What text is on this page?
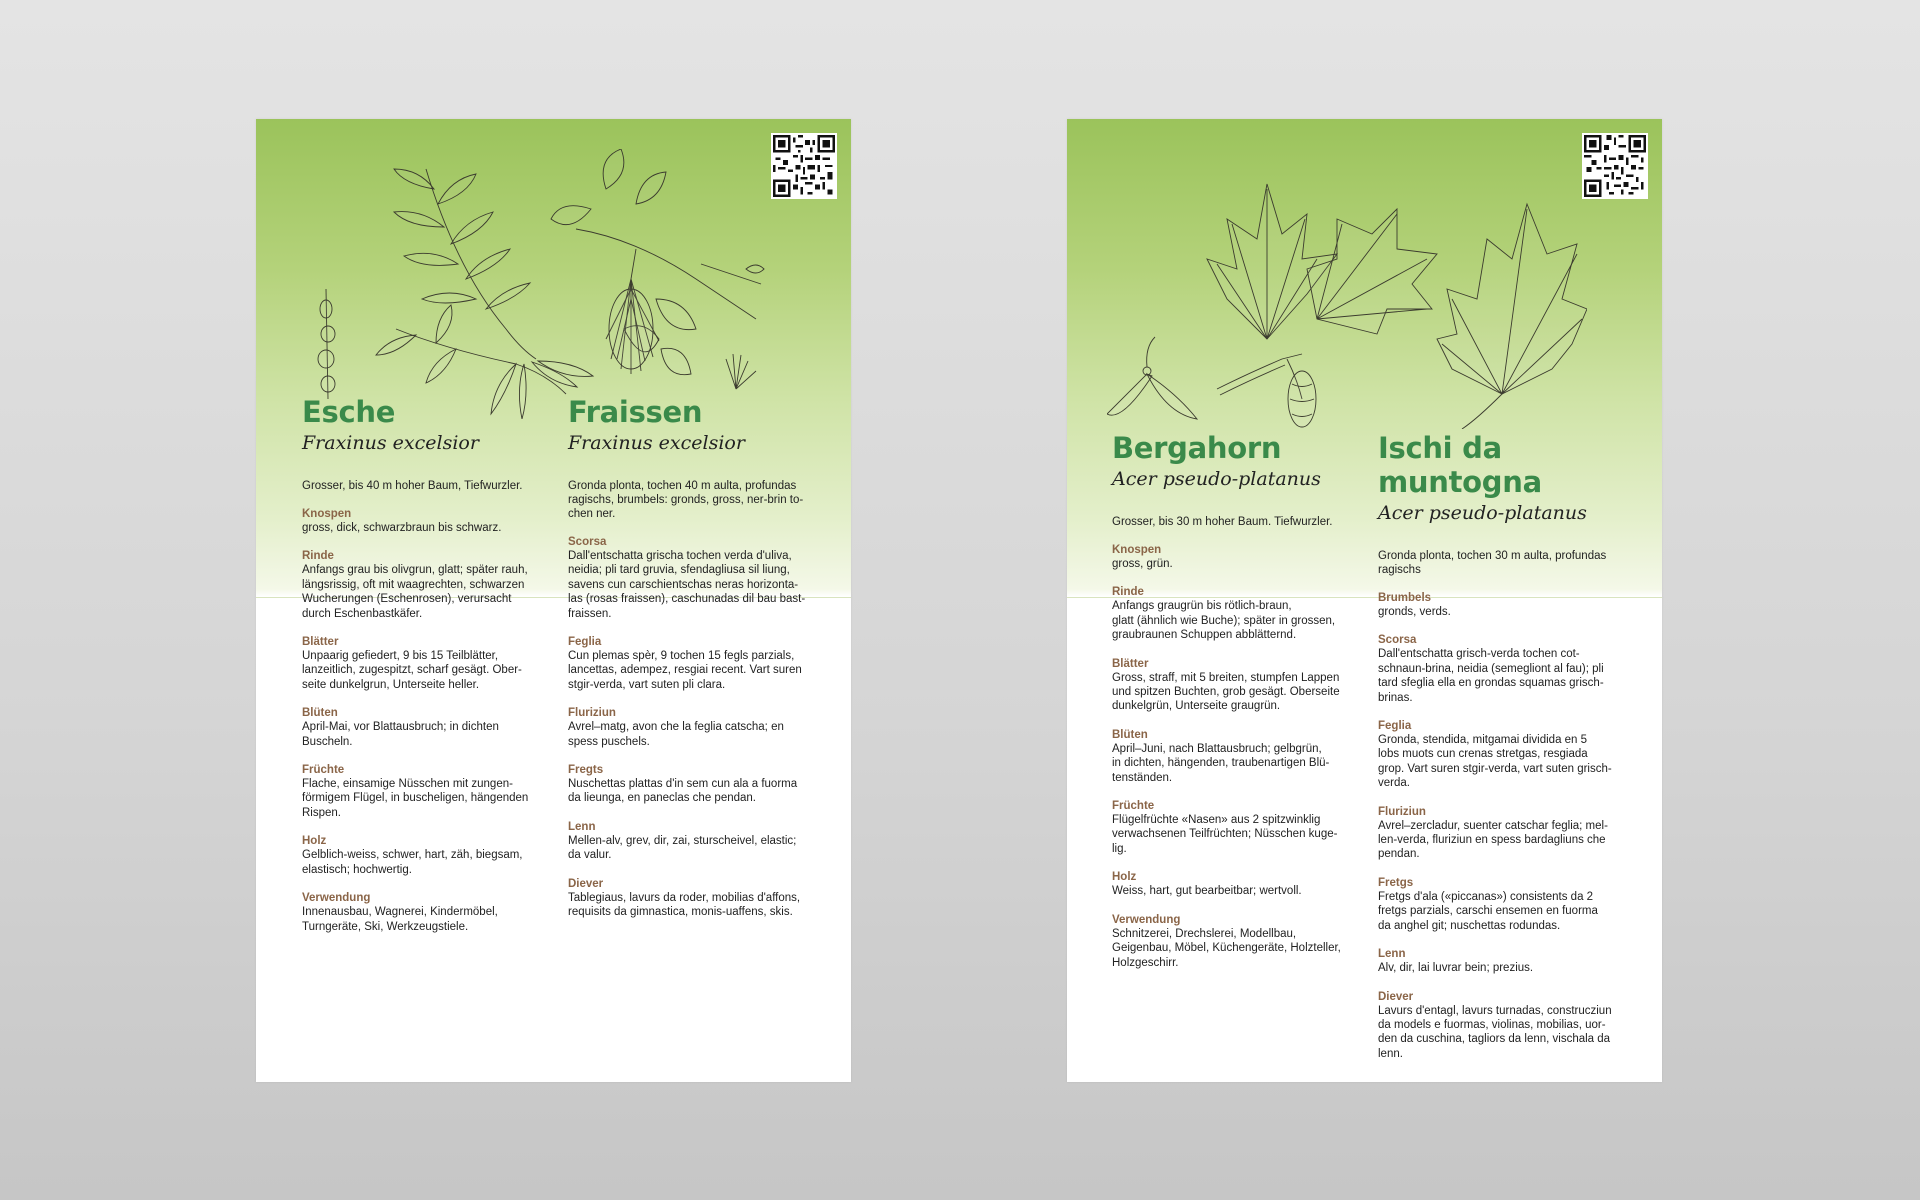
Esche
Fraxinus excelsior
Grosser, bis 40 m hoher Baum, Tiefwurzler.
Knospen
gross, dick, schwarzbraun bis schwarz.
Rinde
Anfangs grau bis olivgrun, glatt; später rauh,
längsrissig, oft mit waagrechten, schwarzen
Wucherungen (Eschenrosen), verursacht
durch Eschenbastkäfer.
Blätter
Unpaarig gefiedert, 9 bis 15 Teilblätter,
lanzeitlich, zugespitzt, scharf gesägt. Ober-
seite dunkelgrun, Unterseite heller.
Blüten
April-Mai, vor Blattausbruch; in dichten
Buscheln.
Früchte
Flache, einsamige Nüsschen mit zungen-
förmigem Flügel, in buscheligen, hängenden
Rispen.
Holz
Gelblich-weiss, schwer, hart, zäh, biegsam,
elastisch; hochwertig.
Verwendung
Innenausbau, Wagnerei, Kindermöbel,
Turngeräte, Ski, Werkzeugstiele.
Fraissen
Fraxinus excelsior
Gronda plonta, tochen 40 m aulta, profundas
ragischs, brumbels: gronds, gross, ner-brin to-
chen ner.
Scorsa
Dall'entschatta grischa tochen verda d'uliva,
neidia; pli tard gruvia, sfendagliusa sil liung,
savens cun carschientschas neras horizonta-
las (rosas fraissen), caschunadas dil bau bast-
fraissen.
Feglia
Cun plemas spèr, 9 tochen 15 fegls parzials,
lancettas, adempez, resgiai recent. Vart suren
stgir-verda, vart suten pli clara.
Fluriziun
Avrel–matg, avon che la feglia catscha; en
spess puschels.
Fregts
Nuschettas plattas d'in sem cun ala a fuorma
da lieunga, en paneclas che pendan.
Lenn
Mellen-alv, grev, dir, zai, sturscheivel, elastic;
da valur.
Diever
Tablegiaus, lavurs da roder, mobilias d'affons,
requisits da gimnastica, monis-uaffens, skis.
Bergahorn
Acer pseudo-platanus
Grosser, bis 30 m hoher Baum. Tiefwurzler.
Knospen
gross, grün.
Rinde
Anfangs graugrün bis rötlich-braun,
glatt (ähnlich wie Buche); später in grossen,
graubraunen Schuppen abblätternd.
Blätter
Gross, straff, mit 5 breiten, stumpfen Lappen
und spitzen Buchten, grob gesägt. Oberseite
dunkelgrün, Unterseite graugrün.
Blüten
April–Juni, nach Blattausbruch; gelbgrün,
in dichten, hängenden, traubenartigen Blü-
tenständen.
Früchte
Flügelfrüchte «Nasen» aus 2 spitzwinklig
verwachsenen Teilfrüchten; Nüsschen kuge-
lig.
Holz
Weiss, hart, gut bearbeitbar; wertvoll.
Verwendung
Schnitzerei, Drechslerei, Modellbau,
Geigenbau, Möbel, Küchengeräte, Holzteller,
Holzgeschirr.
Ischi da muntogna
Acer pseudo-platanus
Gronda plonta, tochen 30 m aulta, profundas
ragischs
Brumbels
gronds, verds.
Scorsa
Dall'entschatta grisch-verda tochen cot-
schnaun-brina, neidia (semegliont al fau); pli
tard sfeglia ella en grondas squamas grisch-
brinas.
Feglia
Gronda, stendida, mitgamai dividida en 5
lobs muots cun crenas stretgas, resgiada
grop. Vart suren stgir-verda, vart suten grisch-
verda.
Fluriziun
Avrel–zercladur, suenter catschar feglia; mel-
len-verda, fluriziun en spess bardagliuns che
pendan.
Fretgs
Fretgs d'ala («piccanas») consistents da 2
fretgs parzials, carschi ensemen en fuorma
da anghel git; nuschettas rodundas.
Lenn
Alv, dir, lai luvrar bein; prezius.
Diever
Lavurs d'entagl, lavurs turnadas, construcziun
da models e fuormas, violinas, mobilias, uor-
den da cuschina, tagliors da lenn, vischala da
lenn.
